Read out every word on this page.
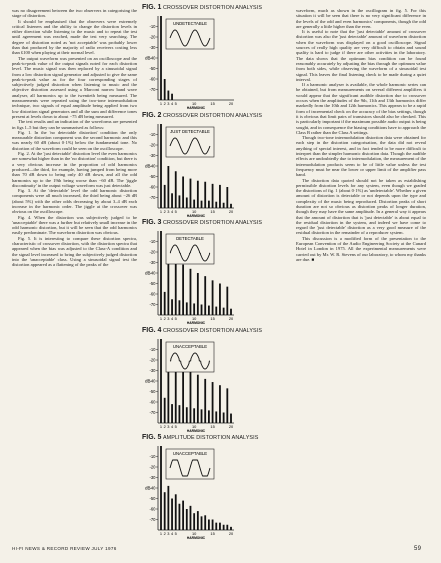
was no disagreement between the two observers in categorising the stage of distortion.

It should be emphasised that the observers were extremely critical listeners and the ability to change the distortion levels in either direction while listening to the music and to repeat the test until agreement was reached, made the test very searching. The degree of distortion noted as 'not acceptable' was probably lower than that produced by the majority of radio receivers costing less than £100 when playing at their normal level.

The output waveform was presented on an oscilloscope and the peak-to-peak value of the output signals noted for each distortion level. The music signal was then replaced by a sinusoidal signal from a low distortion signal generator and adjusted to give the same peak-to-peak value as for the four corresponding stages of subjectively judged distortion when listening to music and the objective distortion assessed using a Marconi narrow band wave analyser, all harmonics up to the twentieth being measured. The measurements were repeated using the two-tone intermodulation technique, two signals of equal amplitude being applied from two low distortion signal generators and all the sum and difference tones present at levels down to about −75 dB being measured.

The test results and an indication of the waveforms are presented in figs 1–5 but they can be summarised as follows:

Fig. 1. In the 'no detectable distortion' condition the only measurable distortion component was the second harmonic and this was nearly 60 dB (about 0·1%) below the fundamental tone. No distortion of the waveform could be seen on the oscilloscope.

Fig. 2. At the 'just detectable' distortion level the even harmonics are somewhat higher than in the 'no distortion' condition, but there is a very obvious increase in the proportion of odd harmonics produced—the third, for example, having jumped from being more than 70 dB down to being only 40 dB down, and all the odd harmonics up to the 19th being worse than −60 dB. The 'jiggle discontinuity' in the output voltage waveform was just detectable.

Fig. 3. At the 'detectable' level the odd harmonic distortion components were all much increased, the third being about −26 dB (about 5%) with the other odds decreasing by about 3–4 dB each increase in the harmonic order. The jiggle at the crossover was obvious on the oscilloscope.

Fig. 4. When the distortion was subjectively judged to be 'unacceptable' there was a further but relatively small increase in the odd harmonic distortion, but it will be seen that the odd harmonics easily predominate. The waveform distortion was obvious.

Fig. 5. It is interesting to compare these distortion spectra, characteristic of crossover distortion, with the distortion spectra that appeared when the bias was adjusted to the Class-A condition and the signal level increased to bring the subjectively judged distortion into the 'unacceptable' class. Using a sinusoidal signal test the distortion appeared as a flattening of the peaks of the

FIG. 1 CROSSOVER DISTORTION ANALYSIS
-10
-20
-30
-40
-50
-60
-70
dB
1 2 3 4 5	10	15	20
HARMONIC
UNDETECTABLE
FIG. 2 CROSSOVER DISTORTION ANALYSIS
-10
-20
-30
-40
-50
-60
-70
dB
1 2 3 4 5	10	15	20
HARMONIC
JUST DETECTABLE
FIG. 3 CROSSOVER DISTORTION ANALYSIS
-10
-20
-30
-40
-50
-60
-70
dB
1 2 3 4 5	10	15	20
HARMONIC
DETECTABLE
FIG. 4 CROSSOVER DISTORTION ANALYSIS
-10
-20
-30
-40
-50
-60
-70
dB
1 2 3 4 5	10	15	20
HARMONIC
UNACCEPTABLE
FIG. 5 AMPLITUDE DISTORTION ANALYSIS
-10
-20
-30
-40
-50
-60
-70
dB
1 2 3 4 5	10	15	20
HARMONIC
UNACCEPTABLE

waveform, much as shown in the oscillogram in fig. 5. For this situation it will be seen that there is no very significant difference in the levels of the odd and even harmonics' components, though the odd are generally a little higher than the even.

It is useful to note that the 'just detectable' amount of crossover distortion was also the 'just detectable' amount of waveform distortion when the waveform was displayed on a good oscilloscope. Signal sources of really high quality are very difficult to obtain and sound quality is hard to judge if there are other activities in the laboratory. The data shows that the optimum bias condition can be found reasonably accurately by adjusting the bias through the optimum value from both sides, while observing the waveform of a sinusoidal test signal. This leaves the final listening check to be made during a quiet interval.

If a harmonic analyser is available, the whole harmonic series can be obtained, but from measurements on several different amplifiers it would appear that the significant audible distortion due to crossover occurs when the amplitudes of the 9th, 11th and 13th harmonics differ markedly from the 10th and 12th harmonics. This appears to be a rapid form of incremental check on the accuracy of the bias settings, though it is obvious that limit pairs of transistors should also be checked. This is particularly important if the maximum possible audio output is being sought, and in consequence the biasing conditions have to approach the Class B rather than the Class A settings.

Though two-tone intermodulation distortion data were obtained for each step in the distortion categorisation, the data did not reveal anything of special interest, and in fact tended to be more difficult to interpret than the simpler harmonic distortion data. Though the audible effects are undoubtedly due to intermodulation, the measurement of the intermodulation products seem to be of little value unless the test frequency must be near the lower or upper limit of the amplifier pass band.

The distortion data quoted should not be taken as establishing permissible distortion levels for any system, even though we graded the distortions of fig. 1 (about 0·1%) as 'undetectable'. Whether a given amount of distortion is detectable or not depends upon the type and complexity of the music being reproduced. Distortion peaks of short duration are not so obvious as distortion peaks of longer duration, though they may have the same amplitude. In a general way it appears that the amount of distortion that is 'just detectable' is about equal to the residual distortion in the system, and indeed we have come to regard the 'just detectable' distortion as a very good measure of the residual distortion in the remainder of a reproducer system.

This discussion is a modified form of the presentation to the European Convention of the Audio Engineering Society at the Cunard Hotel in London in 1975. All the experimental measurements were carried out by Mr. W. R. Stevens of our laboratory, to whom my thanks are due. ■

HI-FI NEWS & RECORD REVIEW JULY 1976	59
